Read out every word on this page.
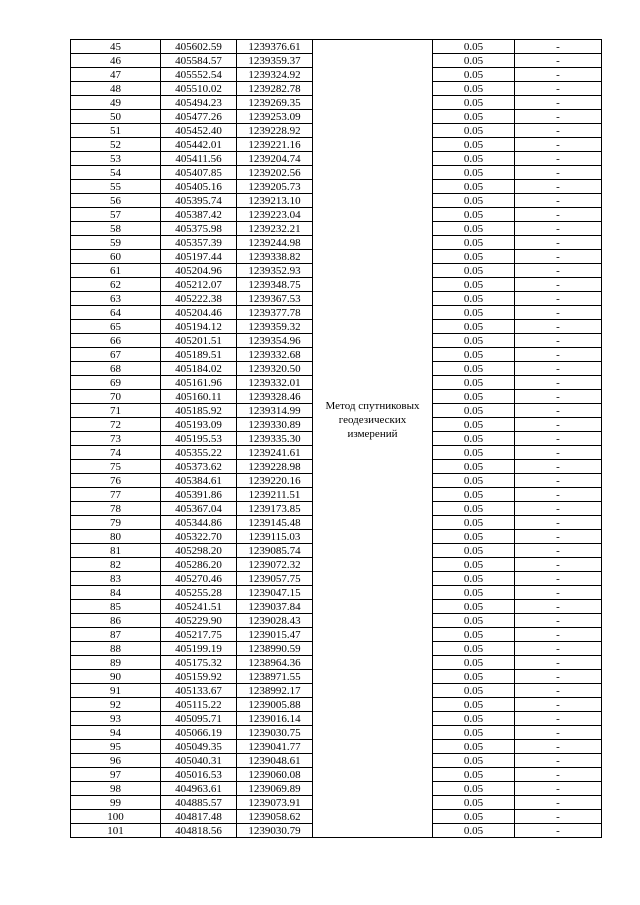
45	405602.59	1239376.61	Метод спутниковых геодезических измерений	0.05	-
46	405584.57	1239359.37		0.05	-
47	405552.54	1239324.92		0.05	-
48	405510.02	1239282.78		0.05	-
49	405494.23	1239269.35		0.05	-
50	405477.26	1239253.09		0.05	-
51	405452.40	1239228.92		0.05	-
52	405442.01	1239221.16		0.05	-
53	405411.56	1239204.74		0.05	-
54	405407.85	1239202.56		0.05	-
55	405405.16	1239205.73		0.05	-
56	405395.74	1239213.10		0.05	-
57	405387.42	1239223.04		0.05	-
58	405375.98	1239232.21		0.05	-
59	405357.39	1239244.98		0.05	-
60	405197.44	1239338.82		0.05	-
61	405204.96	1239352.93		0.05	-
62	405212.07	1239348.75		0.05	-
63	405222.38	1239367.53		0.05	-
64	405204.46	1239377.78		0.05	-
65	405194.12	1239359.32		0.05	-
66	405201.51	1239354.96		0.05	-
67	405189.51	1239332.68		0.05	-
68	405184.02	1239320.50		0.05	-
69	405161.96	1239332.01		0.05	-
70	405160.11	1239328.46		0.05	-
71	405185.92	1239314.99		0.05	-
72	405193.09	1239330.89		0.05	-
73	405195.53	1239335.30		0.05	-
74	405355.22	1239241.61		0.05	-
75	405373.62	1239228.98		0.05	-
76	405384.61	1239220.16		0.05	-
77	405391.86	1239211.51		0.05	-
78	405367.04	1239173.85		0.05	-
79	405344.86	1239145.48		0.05	-
80	405322.70	1239115.03		0.05	-
81	405298.20	1239085.74		0.05	-
82	405286.20	1239072.32		0.05	-
83	405270.46	1239057.75		0.05	-
84	405255.28	1239047.15		0.05	-
85	405241.51	1239037.84		0.05	-
86	405229.90	1239028.43		0.05	-
87	405217.75	1239015.47		0.05	-
88	405199.19	1238990.59		0.05	-
89	405175.32	1238964.36		0.05	-
90	405159.92	1238971.55		0.05	-
91	405133.67	1238992.17		0.05	-
92	405115.22	1239005.88		0.05	-
93	405095.71	1239016.14		0.05	-
94	405066.19	1239030.75		0.05	-
95	405049.35	1239041.77		0.05	-
96	405040.31	1239048.61		0.05	-
97	405016.53	1239060.08		0.05	-
98	404963.61	1239069.89		0.05	-
99	404885.57	1239073.91		0.05	-
100	404817.48	1239058.62		0.05	-
101	404818.56	1239030.79		0.05	-
